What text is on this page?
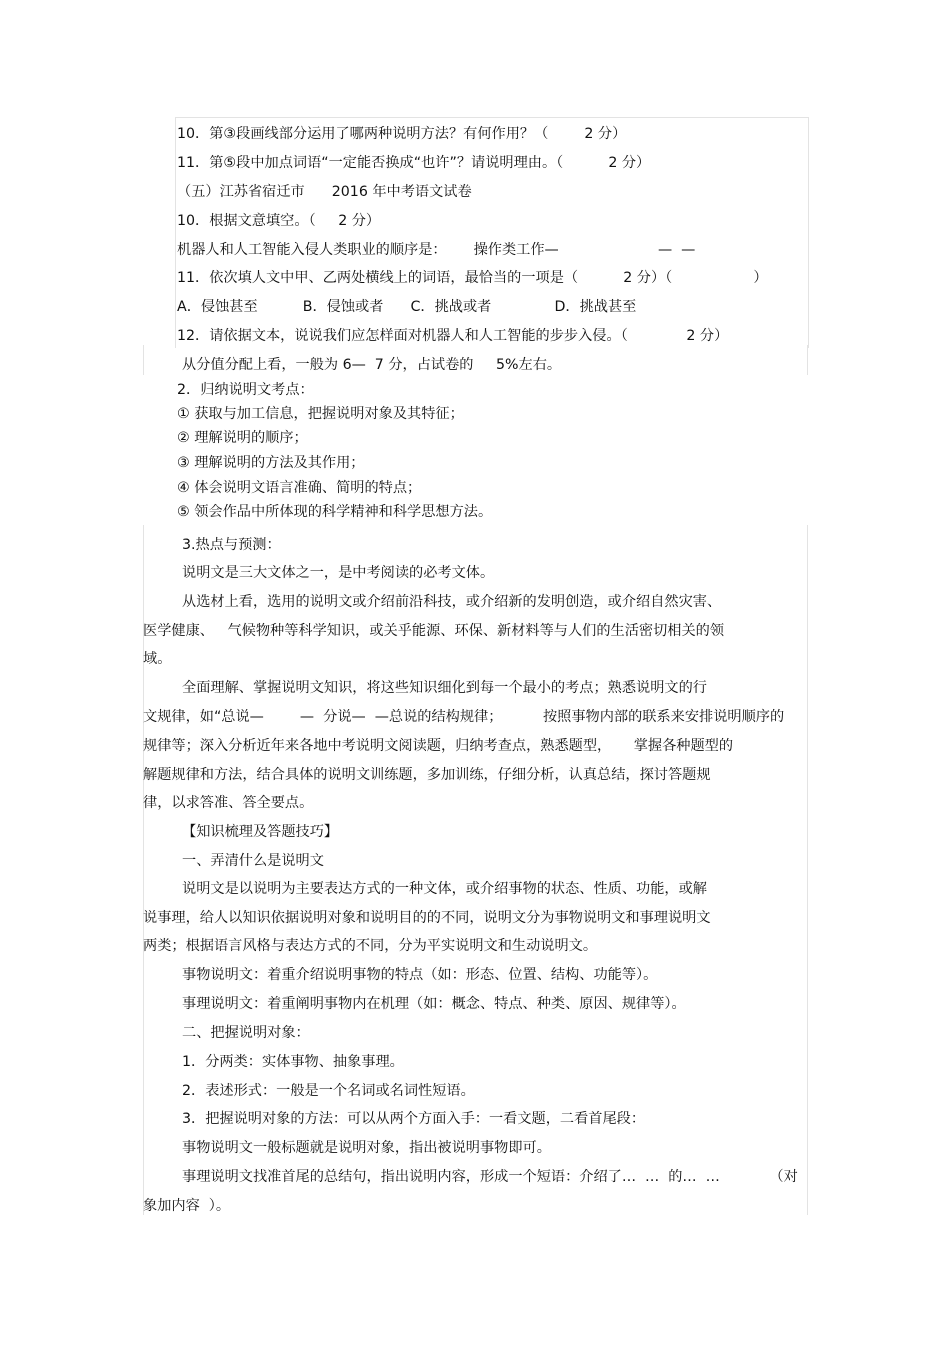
10．第③段画线部分运用了哪两种说明方法？有何作用？（        2 分）
11．第⑤段中加点词语“一定能否换成“也许”？请说明理由。（          2 分）
（五）江苏省宿迁市      2016 年中考语文试卷
10．根据文意填空。（     2 分）
机器人和人工智能入侵人类职业的顺序是：      操作类工作—                      —  —
11．依次填人文中甲、乙两处横线上的词语，最恰当的一项是（          2 分）（                  ）
A．侵蚀甚至          B．侵蚀或者      C．挑战或者              D．挑战甚至
12．请依据文本，说说我们应怎样面对机器人和人工智能的步步入侵。（             2 分）
从分值分配上看，一般为 6—  7 分，占试卷的     5%左右。
2．归纳说明文考点：
① 获取与加工信息，把握说明对象及其特征；
② 理解说明的顺序；
③ 理解说明的方法及其作用；
④ 体会说明文语言准确、简明的特点；
⑤ 领会作品中所体现的科学精神和科学思想方法。
3.热点与预测：
说明文是三大文体之一，是中考阅读的必考文体。
从选材上看，选用的说明文或介绍前沿科技，或介绍新的发明创造，或介绍自然灾害、
医学健康、   气候物种等科学知识，或关乎能源、环保、新材料等与人们的生活密切相关的领
域。
全面理解、掌握说明文知识，将这些知识细化到每一个最小的考点；熟悉说明文的行
文规律，如“总说—        —  分说—  —总说的结构规律；         按照事物内部的联系来安排说明顺序的
规律等；深入分析近年来各地中考说明文阅读题，归纳考查点，熟悉题型，     掌握各种题型的
解题规律和方法，结合具体的说明文训练题，多加训练，仔细分析，认真总结，探讨答题规
律，以求答准、答全要点。
【知识梳理及答题技巧】
一、弄清什么是说明文
说明文是以说明为主要表达方式的一种文体，或介绍事物的状态、性质、功能，或解
说事理，给人以知识依据说明对象和说明目的的不同，说明文分为事物说明文和事理说明文
两类；根据语言风格与表达方式的不同，分为平实说明文和生动说明文。
事物说明文：着重介绍说明事物的特点（如：形态、位置、结构、功能等）。
事理说明文：着重阐明事物内在机理（如：概念、特点、种类、原因、规律等）。
二、把握说明对象：
1．分两类：实体事物、抽象事理。
2．表述形式：一般是一个名词或名词性短语。
3．把握说明对象的方法：可以从两个方面入手：一看文题，二看首尾段：
事物说明文一般标题就是说明对象，指出被说明事物即可。
事理说明文找准首尾的总结句，指出说明内容，形成一个短语：介绍了…  …  的…  …           （对
象加内容  ）。
